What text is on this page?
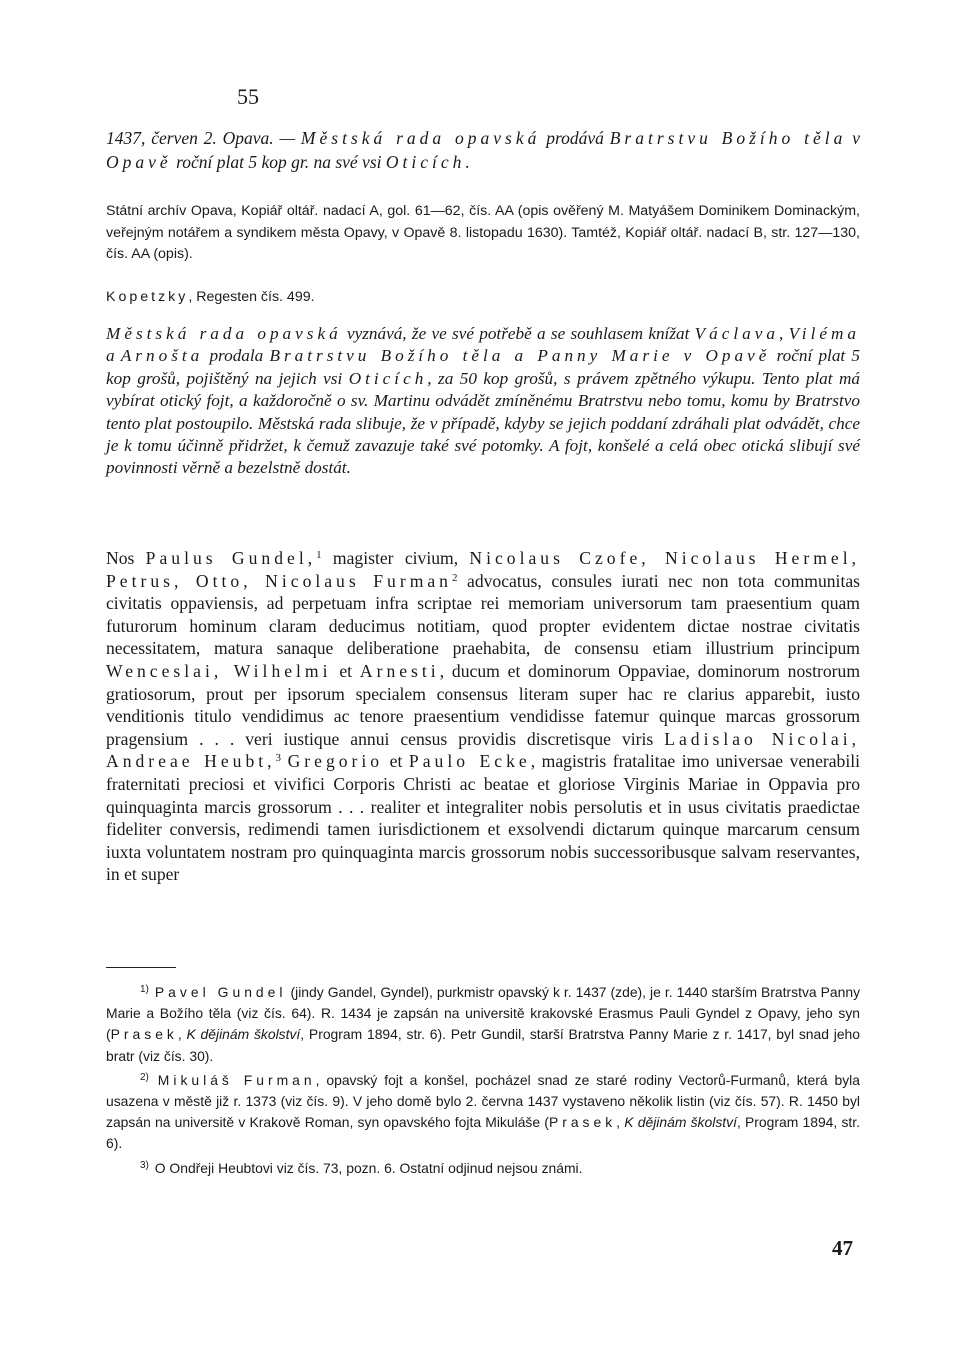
55
1437, červen 2. Opava. — Městská rada opavská prodává Bratrstvu Božího těla v Opavě roční plat 5 kop gr. na své vsi Oticích.
Státní archív Opava, Kopiář oltář. nadací A, gol. 61—62, čís. AA (opis ověřený M. Matyášem Dominikem Dominackým, veřejným notářem a syndikem města Opavy, v Opavě 8. listopadu 1630). Tamtéž, Kopiář oltář. nadací B, str. 127—130, čís. AA (opis).
Kopetzky, Regesten čís. 499.
Městská rada opavská vyznává, že ve své potřebě a se souhlasem knížat Václava, Viléma a Arnošta prodala Bratrstvu Božího těla a Panny Marie v Opavě roční plat 5 kop grošů, pojištěný na jejich vsi Oticích, za 50 kop grošů, s právem zpětného výkupu. Tento plat má vybírat otický fojt, a každoročně o sv. Martinu odvádět zmíněnému Bratrstvu nebo tomu, komu by Bratrstvo tento plat postoupilo. Městská rada slibuje, že v případě, kdyby se jejich poddaní zdráhali plat odvádět, chce je k tomu účinně přidržet, k čemuž zavazuje také své potomky. A fojt, konšelé a celá obec otická slibují své povinnosti věrně a bezelstně dostát.
Nos Paulus Gundel,$^1$ magister civium, Nicolaus Czofe, Nicolaus Hermel, Petrus, Otto, Nicolaus Furman$^2$ advocatus, consules iurati nec non tota communitas civitatis oppaviensis, ad perpetuam infra scriptae rei memoriam universorum tam praesentium quam futurorum hominum claram deducimus notitiam, quod propter evidentem dictae nostrae civitatis necessitatem, matura sanaque deliberatione praehabita, de consensu etiam illustrium principum Wenceslai, Wilhelmi et Arnesti, ducum et dominorum Oppaviae, dominorum nostrorum gratiosorum, prout per ipsorum specialem consensus literam super hac re clarius apparebit, iusto venditionis titulo vendidimus ac tenore praesentium vendidisse fatemur quinque marcas grossorum pragensium . . . veri iustique annui census providis discretisque viris Ladislao Nicolai, Andreae Heubt,$^3$ Gregorio et Paulo Ecke, magistris fratalitae imo universae venerabili fraternitati preciosi et vivifici Corporis Christi ac beatae et gloriose Virginis Mariae in Oppavia pro quinquaginta marcis grossorum . . . realiter et integraliter nobis persolutis et in usus civitatis praedictae fideliter conversis, redimendi tamen iurisdictionem et exsolvendi dictarum quinque marcarum censum iuxta voluntatem nostram pro quinquaginta marcis grossorum nobis successoribusque salvam reservantes, in et super

$^{1)}$ Pavel Gundel (jindy Gandel, Gyndel), purkmistr opavský k r. 1437 (zde), je r. 1440 starším Bratrstva Panny Marie a Božího těla (viz čís. 64). R. 1434 je zapsán na universitě krakovské Erasmus Pauli Gyndel z Opavy, jeho syn (Prasek, K dějinám školství, Program 1894, str. 6). Petr Gundil, starší Bratrstva Panny Marie z r. 1417, byl snad jeho bratr (viz čís. 30).

$^{2)}$ Mikuláš Furman, opavský fojt a konšel, pocházel snad ze staré rodiny Vectorů-Furmanů, která byla usazena v městě již r. 1373 (viz čís. 9). V jeho domě bylo 2. června 1437 vystaveno několik listin (viz čís. 57). R. 1450 byl zapsán na universitě v Krakově Roman, syn opavského fojta Mikuláše (Prasek, K dějinám školství, Program 1894, str. 6).

$^{3)}$ O Ondřeji Heubtovi viz čís. 73, pozn. 6. Ostatní odjinud nejsou známi.

47
